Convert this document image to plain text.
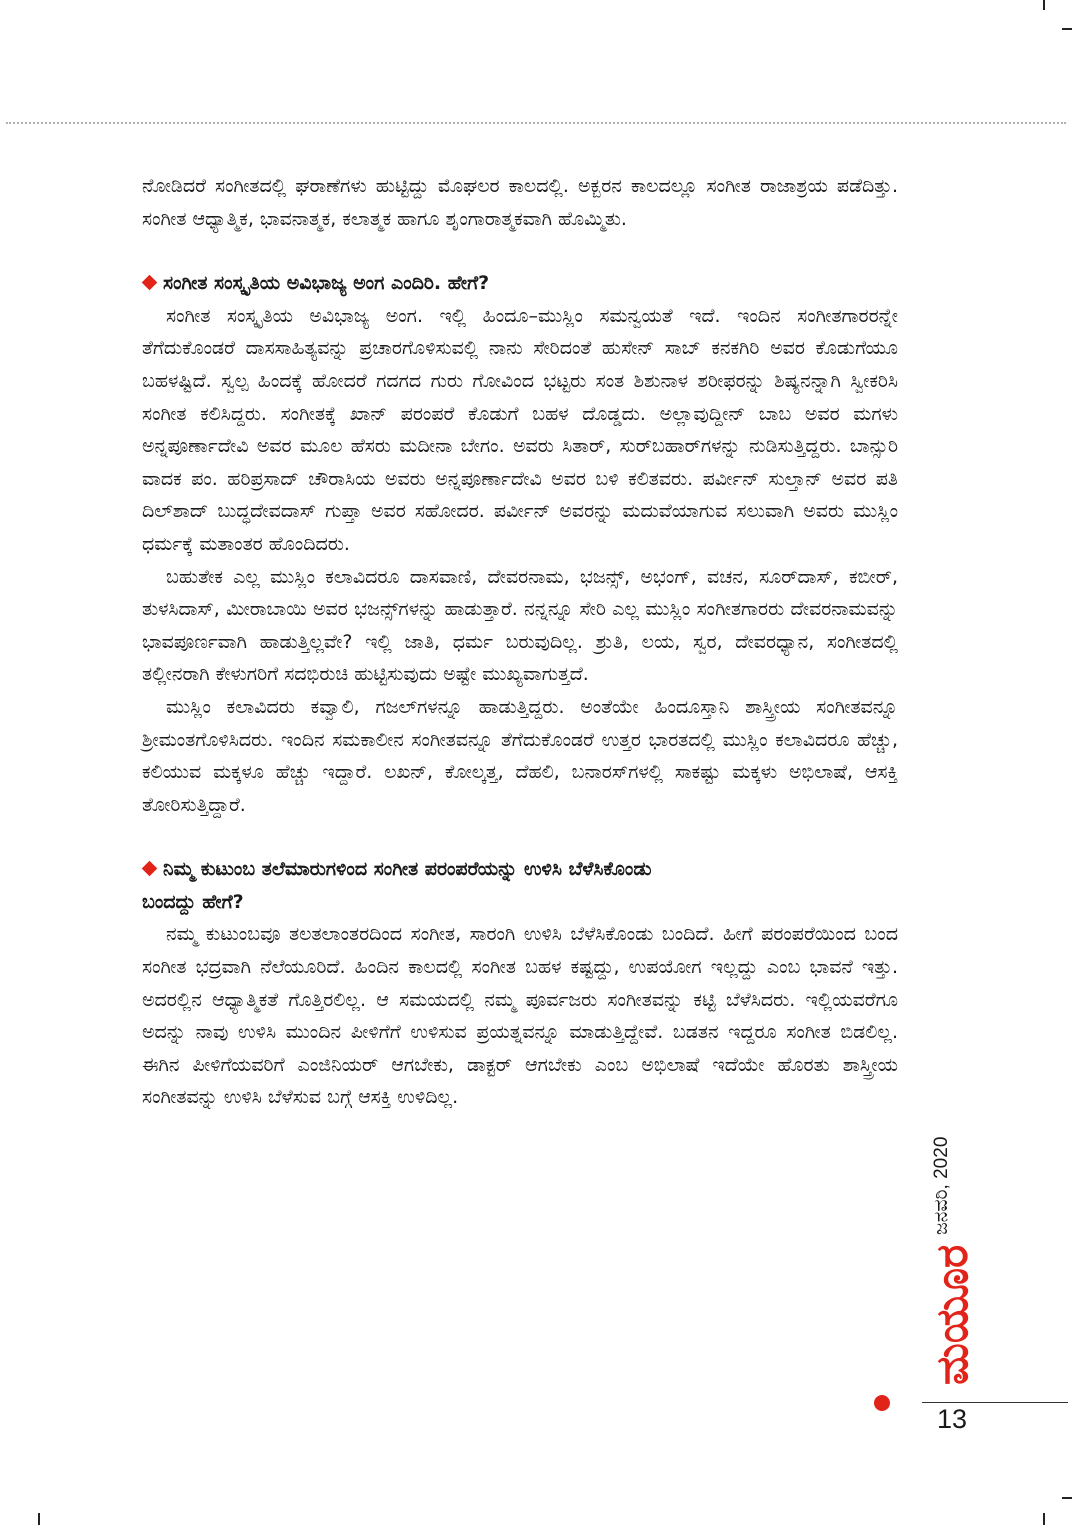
ನೋಡಿದರೆ ಸಂಗೀತದಲ್ಲಿ ಘರಾಣೆಗಳು ಹುಟ್ಟಿದ್ದು ಮೊಘಲರ ಕಾಲದಲ್ಲಿ. ಅಕ್ಬರನ ಕಾಲದಲ್ಲೂ ಸಂಗೀತ ರಾಜಾಶ್ರಯ ಪಡೆದಿತ್ತು. ಸಂಗೀತ ಆಧ್ಯಾತ್ಮಿಕ, ಭಾವನಾತ್ಮಕ, ಕಲಾತ್ಮಕ ಹಾಗೂ ಶೃಂಗಾರಾತ್ಮಕವಾಗಿ ಹೊಮ್ಮಿತು.

ಸಂಗೀತ ಸಂಸ್ಕೃತಿಯ ಅವಿಭಾಜ್ಯ ಅಂಗ ಎಂದಿರಿ. ಹೇಗೆ?

ಸಂಗೀತ ಸಂಸ್ಕೃತಿಯ ಅವಿಭಾಜ್ಯ ಅಂಗ. ಇಲ್ಲಿ ಹಿಂದೂ–ಮುಸ್ಲಿಂ ಸಮನ್ವಯತೆ ಇದೆ. ಇಂದಿನ ಸಂಗೀತಗಾರರನ್ನೇ ತೆಗೆದುಕೊಂಡರೆ ದಾಸಸಾಹಿತ್ಯವನ್ನು ಪ್ರಚಾರಗೊಳಿಸುವಲ್ಲಿ ನಾನು ಸೇರಿದಂತೆ ಹುಸೇನ್ ಸಾಬ್ ಕನಕಗಿರಿ ಅವರ ಕೊಡುಗೆಯೂ ಬಹಳಷ್ಟಿದೆ. ಸ್ವಲ್ಪ ಹಿಂದಕ್ಕೆ ಹೋದರೆ ಗದಗದ ಗುರು ಗೋವಿಂದ ಭಟ್ಟರು ಸಂತ ಶಿಶುನಾಳ ಶರೀಫರನ್ನು ಶಿಷ್ಯನನ್ನಾಗಿ ಸ್ವೀಕರಿಸಿ ಸಂಗೀತ ಕಲಿಸಿದ್ದರು. ಸಂಗೀತಕ್ಕೆ ಖಾನ್ ಪರಂಪರೆ ಕೊಡುಗೆ ಬಹಳ ದೊಡ್ಡದು. ಅಲ್ಲಾವುದ್ದೀನ್ ಬಾಬ ಅವರ ಮಗಳು ಅನ್ನಪೂರ್ಣಾದೇವಿ ಅವರ ಮೂಲ ಹೆಸರು ಮದೀನಾ ಬೇಗಂ. ಅವರು ಸಿತಾರ್, ಸುರ್‌ಬಹಾರ್‌ಗಳನ್ನು ನುಡಿಸುತ್ತಿದ್ದರು. ಬಾನ್ಸುರಿ ವಾದಕ ಪಂ. ಹರಿಪ್ರಸಾದ್ ಚೌರಾಸಿಯ ಅವರು ಅನ್ನಪೂರ್ಣಾದೇವಿ ಅವರ ಬಳಿ ಕಲಿತವರು. ಪರ್ವೀನ್ ಸುಲ್ತಾನ್ ಅವರ ಪತಿ ದಿಲ್‌ಶಾದ್ ಬುದ್ಧದೇವದಾಸ್ ಗುಪ್ತಾ ಅವರ ಸಹೋದರ. ಪರ್ವೀನ್ ಅವರನ್ನು ಮದುವೆಯಾಗುವ ಸಲುವಾಗಿ ಅವರು ಮುಸ್ಲಿಂ ಧರ್ಮಕ್ಕೆ ಮತಾಂತರ ಹೊಂದಿದರು.

ಬಹುತೇಕ ಎಲ್ಲ ಮುಸ್ಲಿಂ ಕಲಾವಿದರೂ ದಾಸವಾಣಿ, ದೇವರನಾಮ, ಭಜನ್ಸ್, ಅಭಂಗ್, ವಚನ, ಸೂರ್‌ದಾಸ್, ಕಬೀರ್, ತುಳಸಿದಾಸ್, ಮೀರಾಬಾಯಿ ಅವರ ಭಜನ್ಸ್‌ಗಳನ್ನು ಹಾಡುತ್ತಾರೆ. ನನ್ನನ್ನೂ ಸೇರಿ ಎಲ್ಲ ಮುಸ್ಲಿಂ ಸಂಗೀತಗಾರರು ದೇವರನಾಮವನ್ನು ಭಾವಪೂರ್ಣವಾಗಿ ಹಾಡುತ್ತಿಲ್ಲವೇ? ಇಲ್ಲಿ ಜಾತಿ, ಧರ್ಮ ಬರುವುದಿಲ್ಲ. ಶ್ರುತಿ, ಲಯ, ಸ್ವರ, ದೇವರಧ್ಯಾನ, ಸಂಗೀತದಲ್ಲಿ ತಲ್ಲೀನರಾಗಿ ಕೇಳುಗರಿಗೆ ಸದಭಿರುಚಿ ಹುಟ್ಟಿಸುವುದು ಅಷ್ಟೇ ಮುಖ್ಯವಾಗುತ್ತದೆ.

ಮುಸ್ಲಿಂ ಕಲಾವಿದರು ಕವ್ವಾಲಿ, ಗಜಲ್‌ಗಳನ್ನೂ ಹಾಡುತ್ತಿದ್ದರು. ಅಂತೆಯೇ ಹಿಂದೂಸ್ತಾನಿ ಶಾಸ್ತ್ರೀಯ ಸಂಗೀತವನ್ನೂ ಶ್ರೀಮಂತಗೊಳಿಸಿದರು. ಇಂದಿನ ಸಮಕಾಲೀನ ಸಂಗೀತವನ್ನೂ ತೆಗೆದುಕೊಂಡರೆ ಉತ್ತರ ಭಾರತದಲ್ಲಿ ಮುಸ್ಲಿಂ ಕಲಾವಿದರೂ ಹೆಚ್ಚು, ಕಲಿಯುವ ಮಕ್ಕಳೂ ಹೆಚ್ಚು ಇದ್ದಾರೆ. ಲಖನ್, ಕೋಲ್ಕತ್ತ, ದೆಹಲಿ, ಬನಾರಸ್‌ಗಳಲ್ಲಿ ಸಾಕಷ್ಟು ಮಕ್ಕಳು ಅಭಿಲಾಷೆ, ಆಸಕ್ತಿ ತೋರಿಸುತ್ತಿದ್ದಾರೆ.

ನಿಮ್ಮ ಕುಟುಂಬ ತಲೆಮಾರುಗಳಿಂದ ಸಂಗೀತ ಪರಂಪರೆಯನ್ನು ಉಳಿಸಿ ಬೆಳೆಸಿಕೊಂಡು
ಬಂದದ್ದು ಹೇಗೆ?

ನಮ್ಮ ಕುಟುಂಬವೂ ತಲತಲಾಂತರದಿಂದ ಸಂಗೀತ, ಸಾರಂಗಿ ಉಳಿಸಿ ಬೆಳೆಸಿಕೊಂಡು ಬಂದಿದೆ. ಹೀಗೆ ಪರಂಪರೆಯಿಂದ ಬಂದ ಸಂಗೀತ ಭದ್ರವಾಗಿ ನೆಲೆಯೂರಿದೆ. ಹಿಂದಿನ ಕಾಲದಲ್ಲಿ ಸಂಗೀತ ಬಹಳ ಕಷ್ಟದ್ದು, ಉಪಯೋಗ ಇಲ್ಲದ್ದು ಎಂಬ ಭಾವನೆ ಇತ್ತು. ಅದರಲ್ಲಿನ ಆಧ್ಯಾತ್ಮಿಕತೆ ಗೊತ್ತಿರಲಿಲ್ಲ. ಆ ಸಮಯದಲ್ಲಿ ನಮ್ಮ ಪೂರ್ವಜರು ಸಂಗೀತವನ್ನು ಕಟ್ಟಿ ಬೆಳೆಸಿದರು. ಇಲ್ಲಿಯವರೆಗೂ ಅದನ್ನು ನಾವು ಉಳಿಸಿ ಮುಂದಿನ ಪೀಳಿಗೆಗೆ ಉಳಿಸುವ ಪ್ರಯತ್ನವನ್ನೂ ಮಾಡುತ್ತಿದ್ದೇವೆ. ಬಡತನ ಇದ್ದರೂ ಸಂಗೀತ ಬಿಡಲಿಲ್ಲ. ಈಗಿನ ಪೀಳಿಗೆಯವರಿಗೆ ಎಂಜಿನಿಯರ್ ಆಗಬೇಕು, ಡಾಕ್ಟರ್ ಆಗಬೇಕು ಎಂಬ ಅಭಿಲಾಷೆ ಇದೆಯೇ ಹೊರತು ಶಾಸ್ತ್ರೀಯ ಸಂಗೀತವನ್ನು ಉಳಿಸಿ ಬೆಳೆಸುವ ಬಗ್ಗೆ ಆಸಕ್ತಿ ಉಳಿದಿಲ್ಲ.

ಜನವರಿ, 2020
ಮಯೂರ
13
